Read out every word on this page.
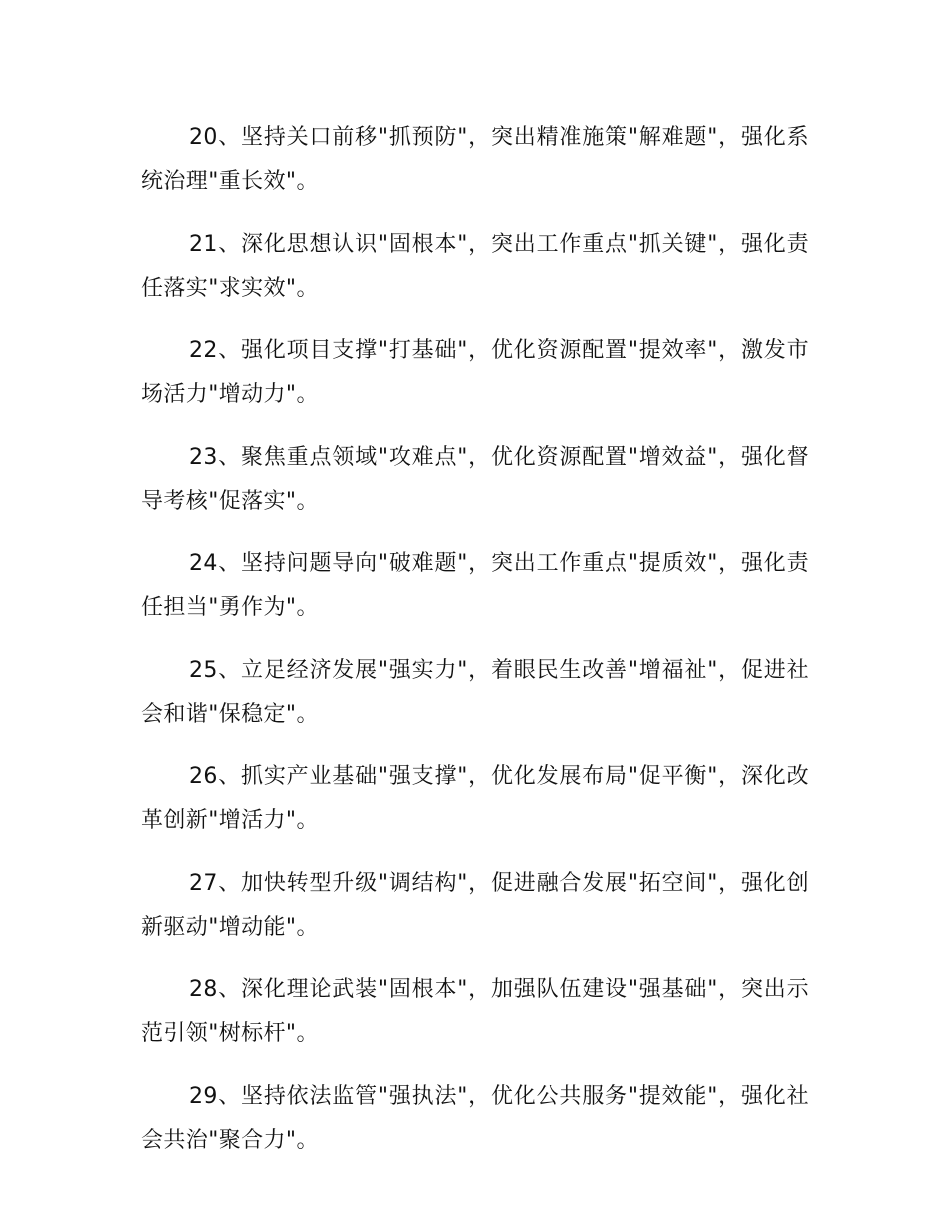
20、坚持关口前移"抓预防"，突出精准施策"解难题"，强化系统治理"重长效"。

21、深化思想认识"固根本"，突出工作重点"抓关键"，强化责任落实"求实效"。

22、强化项目支撑"打基础"，优化资源配置"提效率"，激发市场活力"增动力"。

23、聚焦重点领域"攻难点"，优化资源配置"增效益"，强化督导考核"促落实"。

24、坚持问题导向"破难题"，突出工作重点"提质效"，强化责任担当"勇作为"。

25、立足经济发展"强实力"，着眼民生改善"增福祉"，促进社会和谐"保稳定"。

26、抓实产业基础"强支撑"，优化发展布局"促平衡"，深化改革创新"增活力"。

27、加快转型升级"调结构"，促进融合发展"拓空间"，强化创新驱动"增动能"。

28、深化理论武装"固根本"，加强队伍建设"强基础"，突出示范引领"树标杆"。

29、坚持依法监管"强执法"，优化公共服务"提效能"，强化社会共治"聚合力"。
